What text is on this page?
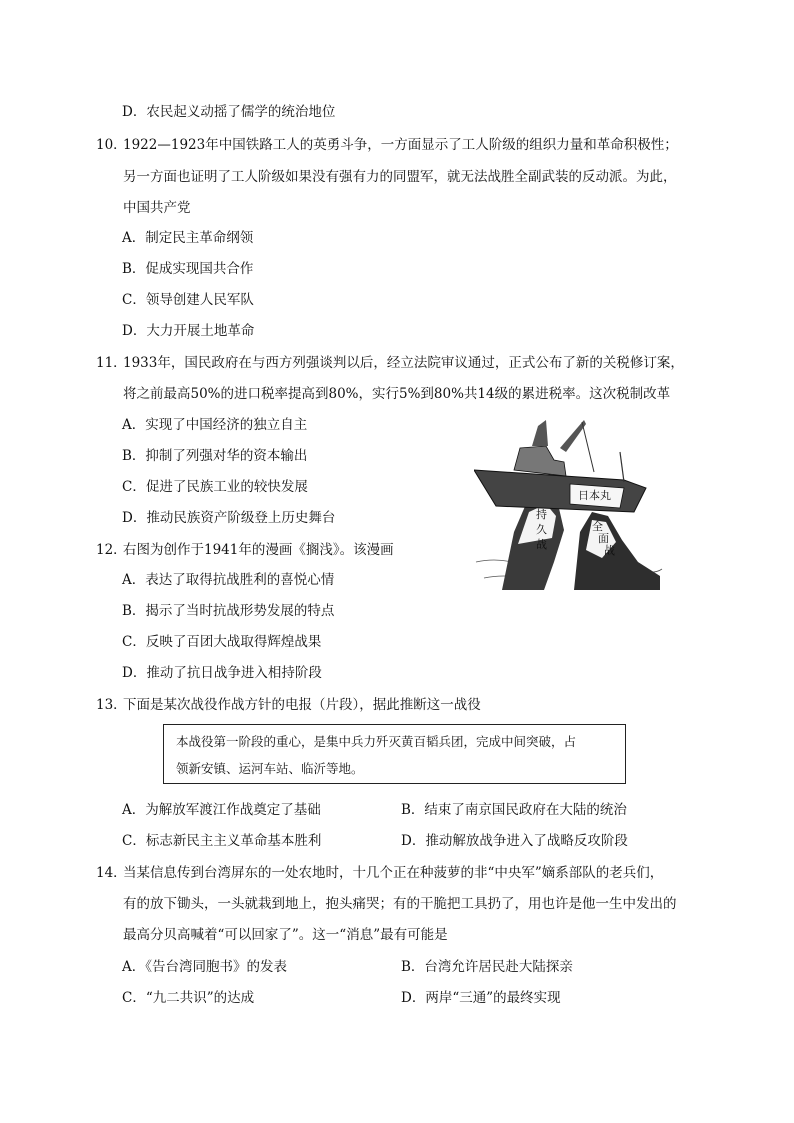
D．农民起义动摇了儒学的统治地位
10．
1922—1923年中国铁路工人的英勇斗争，一方面显示了工人阶级的组织力量和革命积极性；
另一方面也证明了工人阶级如果没有强有力的同盟军，就无法战胜全副武装的反动派。为此，
中国共产党
A．制定民主革命纲领
B．促成实现国共合作
C．领导创建人民军队
D．大力开展土地革命
11．
1933年，国民政府在与西方列强谈判以后，经立法院审议通过，正式公布了新的关税修订案，
将之前最高50%的进口税率提高到80%，实行5%到80%共14级的累进税率。这次税制改革
A．实现了中国经济的独立自主
B．抑制了列强对华的资本输出
C．促进了民族工业的较快发展
D．推动民族资产阶级登上历史舞台
日本丸
持久战
全面战
12．
右图为创作于1941年的漫画《搁浅》。该漫画
A．表达了取得抗战胜利的喜悦心情
B．揭示了当时抗战形势发展的特点
C．反映了百团大战取得辉煌战果
D．推动了抗日战争进入相持阶段
13．
下面是某次战役作战方针的电报（片段），据此推断这一战役
本战役第一阶段的重心，是集中兵力歼灭黄百韬兵团，完成中间突破，占
领新安镇、运河车站、临沂等地。
A．为解放军渡江作战奠定了基础	B．结束了南京国民政府在大陆的统治
C．标志新民主主义革命基本胜利	D．推动解放战争进入了战略反攻阶段
14．
当某信息传到台湾屏东的一处农地时，十几个正在种菠萝的非“中央军”嫡系部队的老兵们，
有的放下锄头，一头就栽到地上，抱头痛哭；有的干脆把工具扔了，用也许是他一生中发出的
最高分贝高喊着“可以回家了”。这一“消息”最有可能是
A．《告台湾同胞书》的发表	B．台湾允许居民赴大陆探亲
C．“九二共识”的达成	D．两岸“三通”的最终实现
